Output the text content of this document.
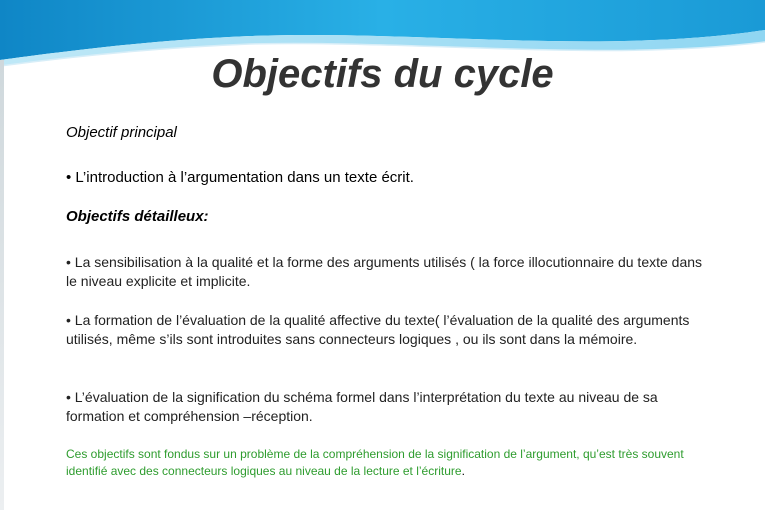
Objectifs du cycle

Objectif principal

• L’introduction à l’argumentation dans un texte écrit.

Objectifs détailleux:

• La sensibilisation à la qualité et la forme des arguments utilisés ( la force illocutionnaire du texte dans le niveau explicite et implicite.

• La formation de l’évaluation de la qualité affective du texte( l’évaluation de la qualité des arguments utilisés, même s’ils sont introduites sans connecteurs logiques , ou ils sont dans la mémoire.

• L’évaluation de la signification du schéma formel dans l’interprétation du texte au niveau de sa formation et compréhension –réception.

Ces objectifs sont fondus sur un problème de la compréhension de la signification de l’argument, qu’est très souvent identifié avec des connecteurs logiques au niveau de la lecture et l’écriture.
